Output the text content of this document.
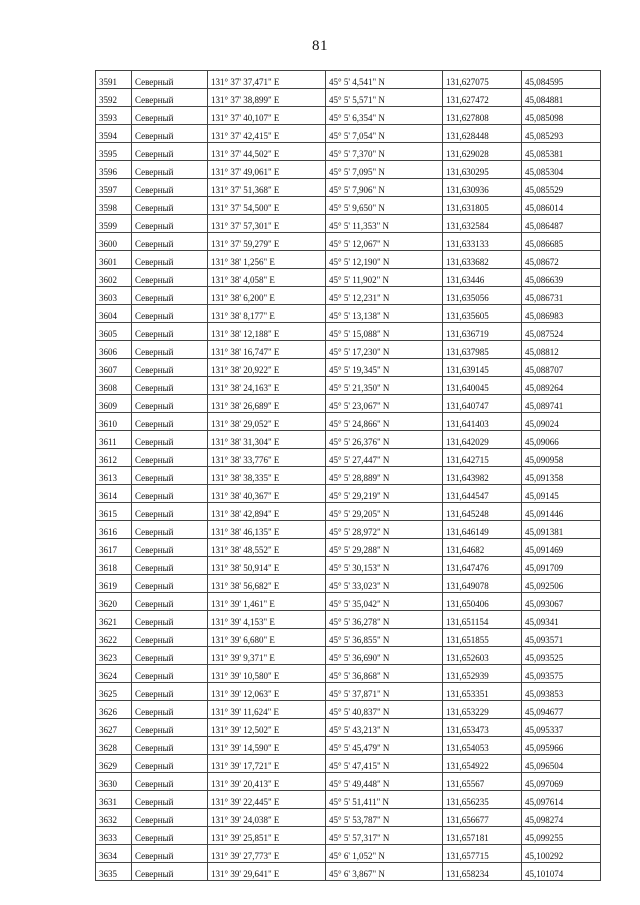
81
3591	Северный	131° 37' 37,471" E	45° 5' 4,541" N	131,627075	45,084595
3592	Северный	131° 37' 38,899" E	45° 5' 5,571" N	131,627472	45,084881
3593	Северный	131° 37' 40,107" E	45° 5' 6,354" N	131,627808	45,085098
3594	Северный	131° 37' 42,415" E	45° 5' 7,054" N	131,628448	45,085293
3595	Северный	131° 37' 44,502" E	45° 5' 7,370" N	131,629028	45,085381
3596	Северный	131° 37' 49,061" E	45° 5' 7,095" N	131,630295	45,085304
3597	Северный	131° 37' 51,368" E	45° 5' 7,906" N	131,630936	45,085529
3598	Северный	131° 37' 54,500" E	45° 5' 9,650" N	131,631805	45,086014
3599	Северный	131° 37' 57,301" E	45° 5' 11,353" N	131,632584	45,086487
3600	Северный	131° 37' 59,279" E	45° 5' 12,067" N	131,633133	45,086685
3601	Северный	131° 38' 1,256" E	45° 5' 12,190" N	131,633682	45,08672
3602	Северный	131° 38' 4,058" E	45° 5' 11,902" N	131,63446	45,086639
3603	Северный	131° 38' 6,200" E	45° 5' 12,231" N	131,635056	45,086731
3604	Северный	131° 38' 8,177" E	45° 5' 13,138" N	131,635605	45,086983
3605	Северный	131° 38' 12,188" E	45° 5' 15,088" N	131,636719	45,087524
3606	Северный	131° 38' 16,747" E	45° 5' 17,230" N	131,637985	45,08812
3607	Северный	131° 38' 20,922" E	45° 5' 19,345" N	131,639145	45,088707
3608	Северный	131° 38' 24,163" E	45° 5' 21,350" N	131,640045	45,089264
3609	Северный	131° 38' 26,689" E	45° 5' 23,067" N	131,640747	45,089741
3610	Северный	131° 38' 29,052" E	45° 5' 24,866" N	131,641403	45,09024
3611	Северный	131° 38' 31,304" E	45° 5' 26,376" N	131,642029	45,09066
3612	Северный	131° 38' 33,776" E	45° 5' 27,447" N	131,642715	45,090958
3613	Северный	131° 38' 38,335" E	45° 5' 28,889" N	131,643982	45,091358
3614	Северный	131° 38' 40,367" E	45° 5' 29,219" N	131,644547	45,09145
3615	Северный	131° 38' 42,894" E	45° 5' 29,205" N	131,645248	45,091446
3616	Северный	131° 38' 46,135" E	45° 5' 28,972" N	131,646149	45,091381
3617	Северный	131° 38' 48,552" E	45° 5' 29,288" N	131,64682	45,091469
3618	Северный	131° 38' 50,914" E	45° 5' 30,153" N	131,647476	45,091709
3619	Северный	131° 38' 56,682" E	45° 5' 33,023" N	131,649078	45,092506
3620	Северный	131° 39' 1,461" E	45° 5' 35,042" N	131,650406	45,093067
3621	Северный	131° 39' 4,153" E	45° 5' 36,278" N	131,651154	45,09341
3622	Северный	131° 39' 6,680" E	45° 5' 36,855" N	131,651855	45,093571
3623	Северный	131° 39' 9,371" E	45° 5' 36,690" N	131,652603	45,093525
3624	Северный	131° 39' 10,580" E	45° 5' 36,868" N	131,652939	45,093575
3625	Северный	131° 39' 12,063" E	45° 5' 37,871" N	131,653351	45,093853
3626	Северный	131° 39' 11,624" E	45° 5' 40,837" N	131,653229	45,094677
3627	Северный	131° 39' 12,502" E	45° 5' 43,213" N	131,653473	45,095337
3628	Северный	131° 39' 14,590" E	45° 5' 45,479" N	131,654053	45,095966
3629	Северный	131° 39' 17,721" E	45° 5' 47,415" N	131,654922	45,096504
3630	Северный	131° 39' 20,413" E	45° 5' 49,448" N	131,65567	45,097069
3631	Северный	131° 39' 22,445" E	45° 5' 51,411" N	131,656235	45,097614
3632	Северный	131° 39' 24,038" E	45° 5' 53,787" N	131,656677	45,098274
3633	Северный	131° 39' 25,851" E	45° 5' 57,317" N	131,657181	45,099255
3634	Северный	131° 39' 27,773" E	45° 6' 1,052" N	131,657715	45,100292
3635	Северный	131° 39' 29,641" E	45° 6' 3,867" N	131,658234	45,101074
